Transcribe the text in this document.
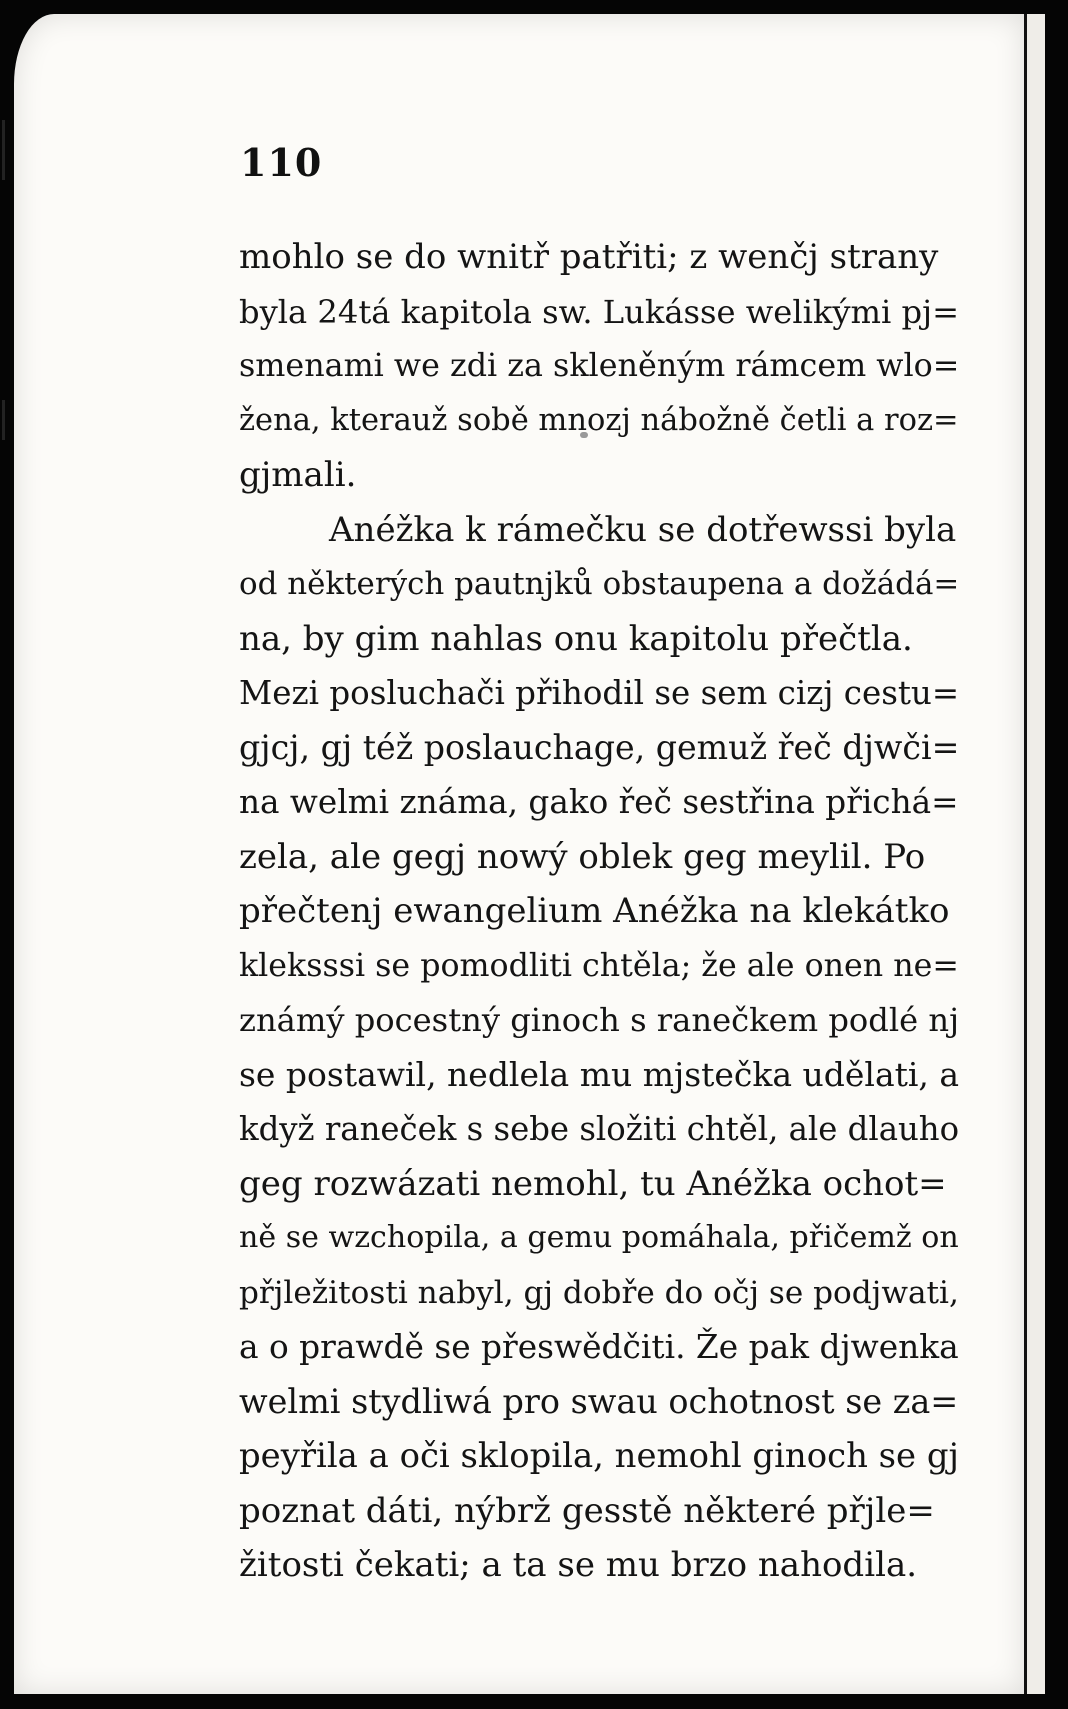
110
mohlo se do wnitř patřiti; z wenčj strany
byla 24tá kapitola sw. Lukásse welikými pj=
smenami we zdi za skleněným rámcem wlo=
žena, kterauž sobě mnozj nábožně četli a roz=
gjmali.
Anéžka k rámečku se dotřewssi byla
od některých pautnjků obstaupena a dožádá=
na, by gim nahlas onu kapitolu přečtla.
Mezi posluchači přihodil se sem cizj cestu=
gjcj, gj též poslauchage, gemuž řeč djwči=
na welmi známa, gako řeč sestřina přichá=
zela, ale gegj nowý oblek geg meylil. Po
přečtenj ewangelium Anéžka na klekátko
kleksssi se pomodliti chtěla; že ale onen ne=
známý pocestný ginoch s ranečkem podlé nj
se postawil, nedlela mu mjstečka udělati, a
když raneček s sebe složiti chtěl, ale dlauho
geg rozwázati nemohl, tu Anéžka ochot=
ně se wzchopila, a gemu pomáhala, přičemž on
přjležitosti nabyl, gj dobře do očj se podjwati,
a o prawdě se přeswědčiti. Že pak djwenka
welmi stydliwá pro swau ochotnost se za=
peyřila a oči sklopila, nemohl ginoch se gj
poznat dáti, nýbrž gesstě některé přjle=
žitosti čekati; a ta se mu brzo nahodila.
